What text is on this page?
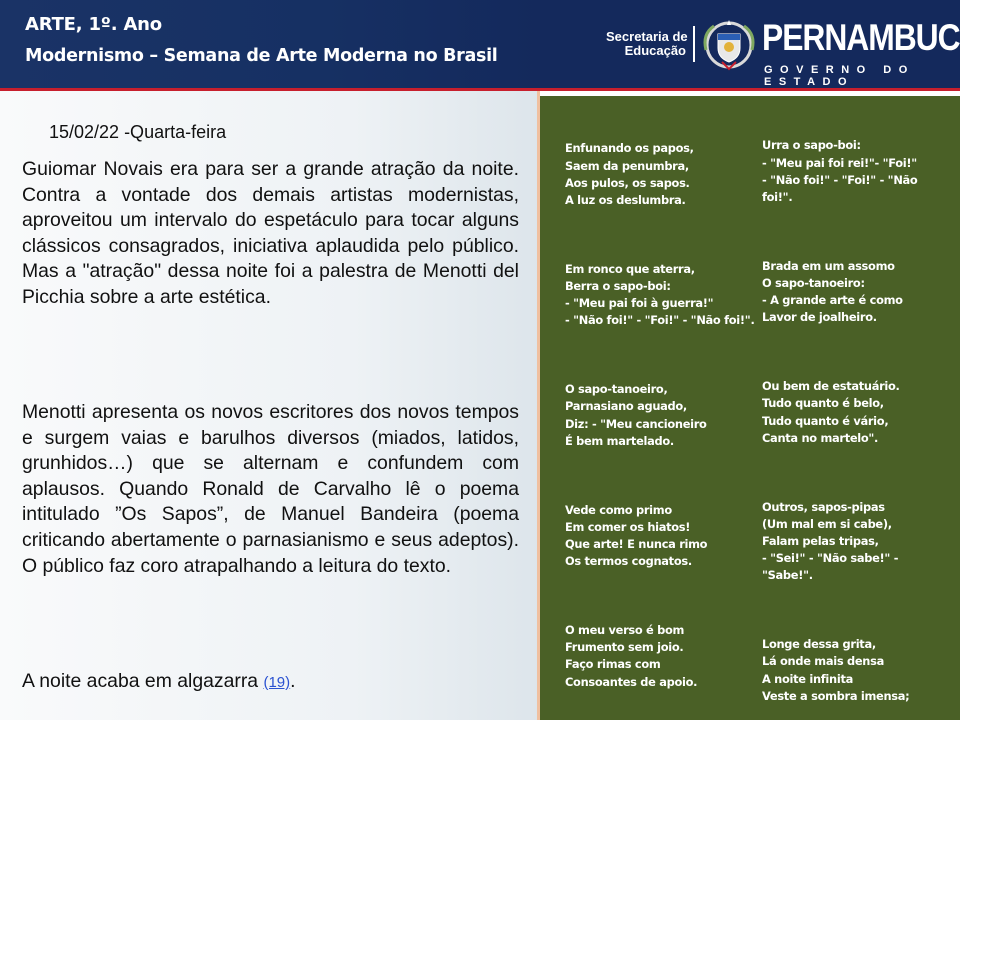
ARTE, 1º. Ano
Modernismo – Semana de Arte Moderna no Brasil
Secretaria de
Educação PERNAMBUCO
GOVERNO DO ESTADO
15/02/22 -Quarta-feira

Guiomar Novais era para ser a grande atração da noite. Contra a vontade dos demais artistas modernistas, aproveitou um intervalo do espetáculo para tocar alguns clássicos consagrados, iniciativa aplaudida pelo público. Mas a "atração" dessa noite foi a palestra de Menotti del Picchia sobre a arte estética.

Menotti apresenta os novos escritores dos novos tempos e surgem vaias e barulhos diversos (miados, latidos, grunhidos…) que se alternam e confundem com aplausos. Quando Ronald de Carvalho lê o poema intitulado ”Os Sapos”, de Manuel Bandeira (poema criticando abertamente o parnasianismo e seus adeptos). O público faz coro atrapalhando a leitura do texto.

A noite acaba em algazarra (19).

Enfunando os papos,
Saem da penumbra,
Aos pulos, os sapos.
A luz os deslumbra.

Em ronco que aterra,
Berra o sapo-boi:
- "Meu pai foi à guerra!"
- "Não foi!" - "Foi!" - "Não foi!".

O sapo-tanoeiro,
Parnasiano aguado,
Diz: - "Meu cancioneiro
É bem martelado.

Vede como primo
Em comer os hiatos!
Que arte! E nunca rimo
Os termos cognatos.

O meu verso é bom
Frumento sem joio.
Faço rimas com
Consoantes de apoio.

Vai por cinquënta anos
Que lhes dei a norma:
Reduzi sem danos
A fôrmas a forma.

Clame a saparia
Em críticas céticas:
Não há mais poesia,
Mas há artes poéticas..."

Urra o sapo-boi:
- "Meu pai foi rei!"- "Foi!"
- "Não foi!" - "Foi!" - "Não
foi!".

Brada em um assomo
O sapo-tanoeiro:
- A grande arte é como
Lavor de joalheiro.

Ou bem de estatuário.
Tudo quanto é belo,
Tudo quanto é vário,
Canta no martelo".

Outros, sapos-pipas
(Um mal em si cabe),
Falam pelas tripas,
- "Sei!" - "Não sabe!" -
"Sabe!".

Longe dessa grita,
Lá onde mais densa
A noite infinita
Veste a sombra imensa;

Lá, fugido ao mundo,
Sem glória, sem fé,
No perau profundo
E solitário, é

Que soluças tu,
Transido de frio,
Sapo-cururu
Da beira do rio...
